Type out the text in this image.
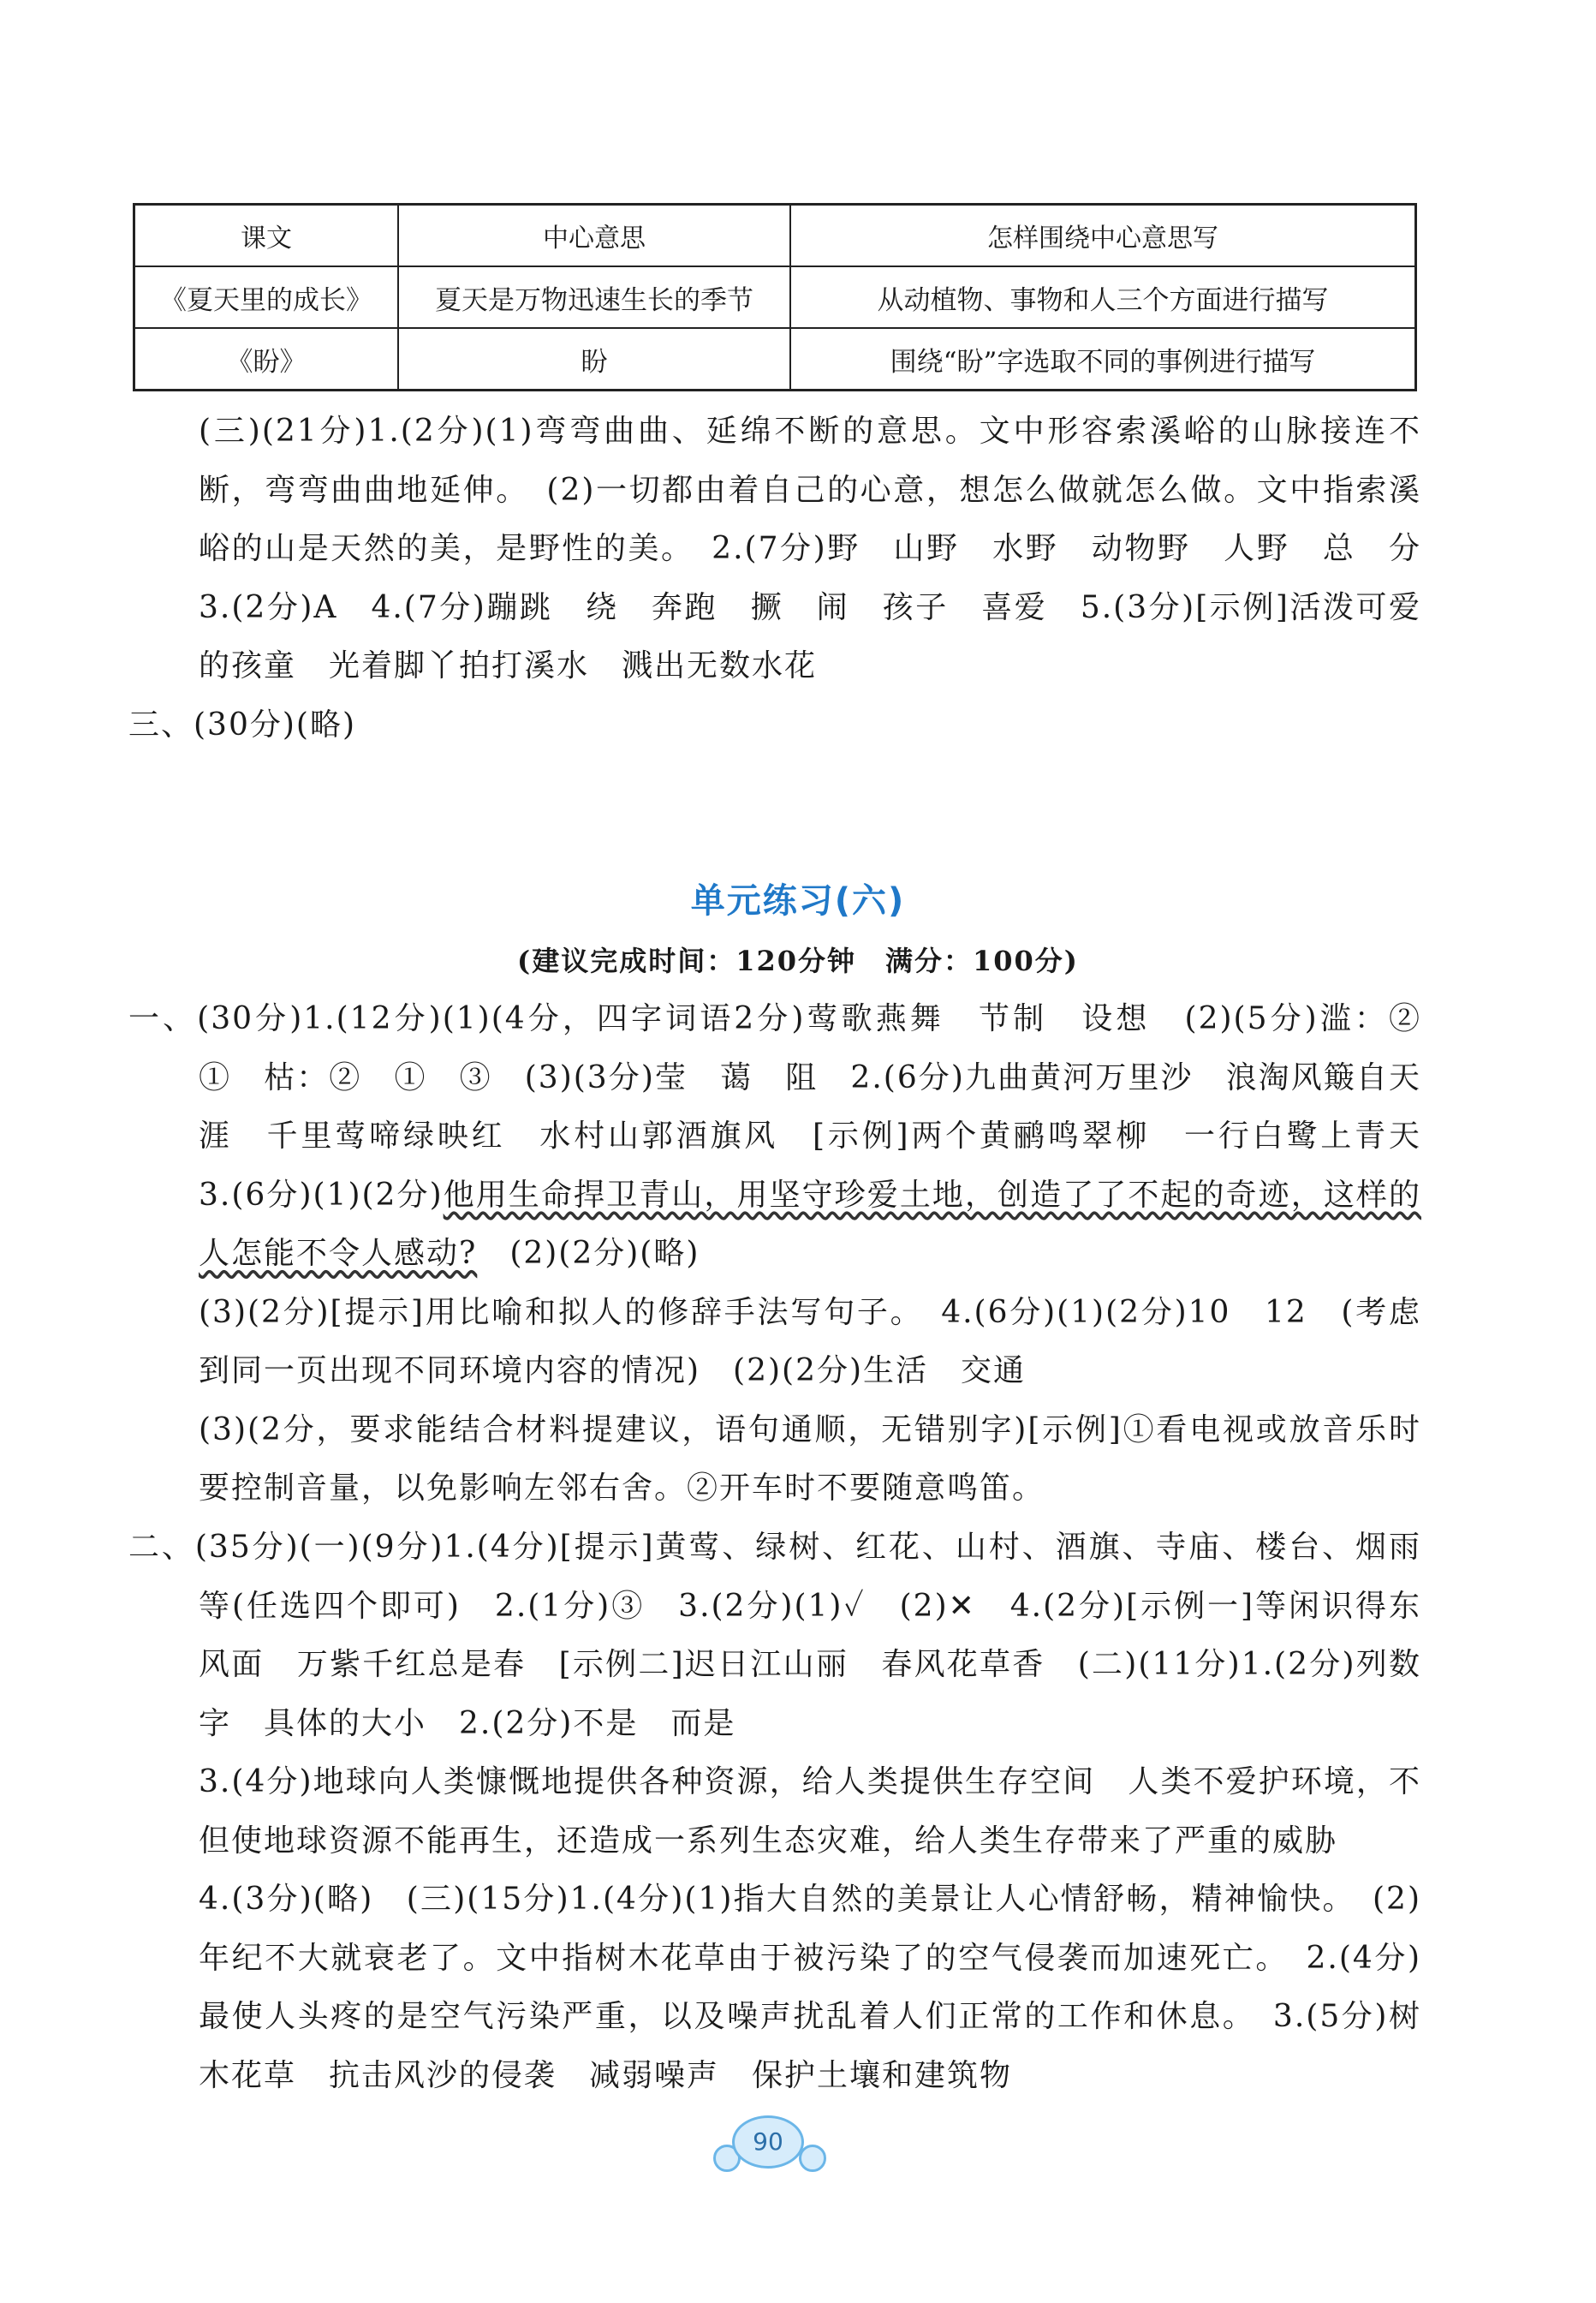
课文	中心意思	怎样围绕中心意思写
《夏天里的成长》	夏天是万物迅速生长的季节	从动植物、事物和人三个方面进行描写
《盼》	盼	围绕“盼”字选取不同的事例进行描写

(三)(21分)1.(2分)(1)弯弯曲曲、延绵不断的意思。文中形容索溪峪的山脉接连不断，弯弯曲曲地延伸。　(2)一切都由着自己的心意，想怎么做就怎么做。文中指索溪峪的山是天然的美，是野性的美。　2.(7分)野　山野　水野　动物野　人野　总　分　3.(2分)A　4.(7分)蹦跳　绕　奔跑　撅　闹　孩子　喜爱　5.(3分)[示例]活泼可爱的孩童　光着脚丫拍打溪水　溅出无数水花

三、(30分)(略)

单元练习(六)
(建议完成时间：120分钟　满分：100分)

一、(30分)1.(12分)(1)(4分，四字词语2分)莺歌燕舞　节制　设想　(2)(5分)滥：②　①　枯：②　①　③　(3)(3分)莹　蔼　阻　2.(6分)九曲黄河万里沙　浪淘风簸自天涯　千里莺啼绿映红　水村山郭酒旗风　[示例]两个黄鹂鸣翠柳　一行白鹭上青天　3.(6分)(1)(2分)他用生命捍卫青山，用坚守珍爱土地，创造了了不起的奇迹，这样的人怎能不令人感动?　(2)(2分)(略)

(3)(2分)[提示]用比喻和拟人的修辞手法写句子。　4.(6分)(1)(2分)10　12　(考虑到同一页出现不同环境内容的情况)　(2)(2分)生活　交通

(3)(2分，要求能结合材料提建议，语句通顺，无错别字)[示例]①看电视或放音乐时要控制音量，以免影响左邻右舍。②开车时不要随意鸣笛。

二、(35分)(一)(9分)1.(4分)[提示]黄莺、绿树、红花、山村、酒旗、寺庙、楼台、烟雨等(任选四个即可)　2.(1分)③　3.(2分)(1)✓　(2)✕　4.(2分)[示例一]等闲识得东风面　万紫千红总是春　[示例二]迟日江山丽　春风花草香　(二)(11分)1.(2分)列数字　具体的大小　2.(2分)不是　而是

3.(4分)地球向人类慷慨地提供各种资源，给人类提供生存空间　人类不爱护环境，不但使地球资源不能再生，还造成一系列生态灾难，给人类生存带来了严重的威胁

4.(3分)(略)　(三)(15分)1.(4分)(1)指大自然的美景让人心情舒畅，精神愉快。　(2)年纪不大就衰老了。文中指树木花草由于被污染了的空气侵袭而加速死亡。　2.(4分)最使人头疼的是空气污染严重，以及噪声扰乱着人们正常的工作和休息。　3.(5分)树木花草　抗击风沙的侵袭　减弱噪声　保护土壤和建筑物

90
